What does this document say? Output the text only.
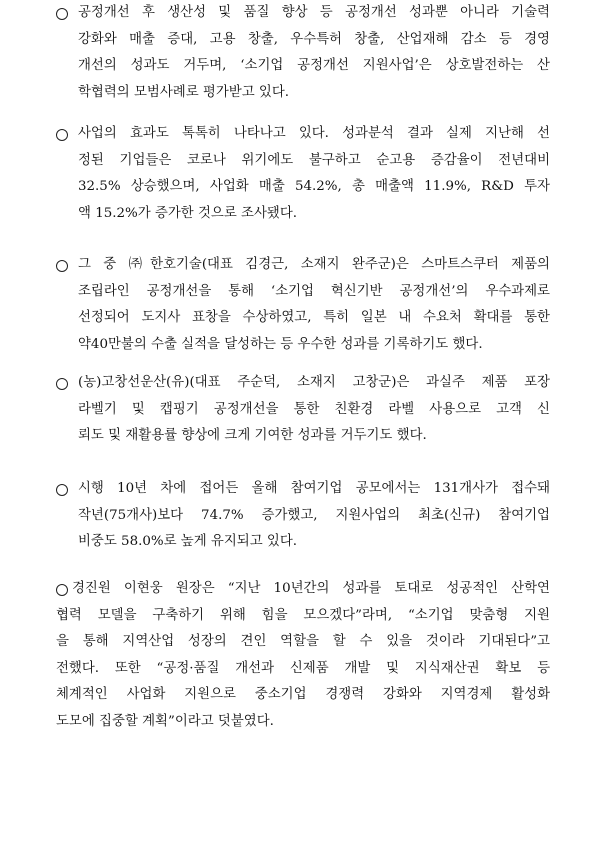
공정개선 후 생산성 및 품질 향상 등 공정개선 성과뿐 아니라 기술력
강화와 매출 증대, 고용 창출, 우수특허 창출, 산업재해 감소 등 경영
개선의 성과도 거두며, ‘소기업 공정개선 지원사업’은 상호발전하는 산
학협력의 모범사례로 평가받고 있다.
사업의 효과도 톡톡히 나타나고 있다. 성과분석 결과 실제 지난해 선
정된 기업들은 코로나 위기에도 불구하고 순고용 증감율이 전년대비
32.5% 상승했으며, 사업화 매출 54.2%, 총 매출액 11.9%, R&D 투자
액 15.2%가 증가한 것으로 조사됐다.
그 중 ㈜한호기술(대표 김경근, 소재지 완주군)은 스마트스쿠터 제품의
조립라인 공정개선을 통해 ‘소기업 혁신기반 공정개선’의 우수과제로
선정되어 도지사 표창을 수상하였고, 특히 일본 내 수요처 확대를 통한
약40만불의 수출 실적을 달성하는 등 우수한 성과를 기록하기도 했다.
(농)고창선운산(유)(대표 주순덕, 소재지 고창군)은 과실주 제품 포장
라벨기 및 캡핑기 공정개선을 통한 친환경 라벨 사용으로 고객 신
뢰도 및 재활용률 향상에 크게 기여한 성과를 거두기도 했다.
시행 10년 차에 접어든 올해 참여기업 공모에서는 131개사가 접수돼
작년(75개사)보다 74.7% 증가했고, 지원사업의 최초(신규) 참여기업
비중도 58.0%로 높게 유지되고 있다.
경진원 이현웅 원장은 “지난 10년간의 성과를 토대로 성공적인 산학연
협력 모델을 구축하기 위해 힘을 모으겠다”라며, “소기업 맞춤형 지원
을 통해 지역산업 성장의 견인 역할을 할 수 있을 것이라 기대된다”고
전했다. 또한 “공정·품질 개선과 신제품 개발 및 지식재산권 확보 등
체계적인 사업화 지원으로 중소기업 경쟁력 강화와 지역경제 활성화
도모에 집중할 계획”이라고 덧붙였다.
